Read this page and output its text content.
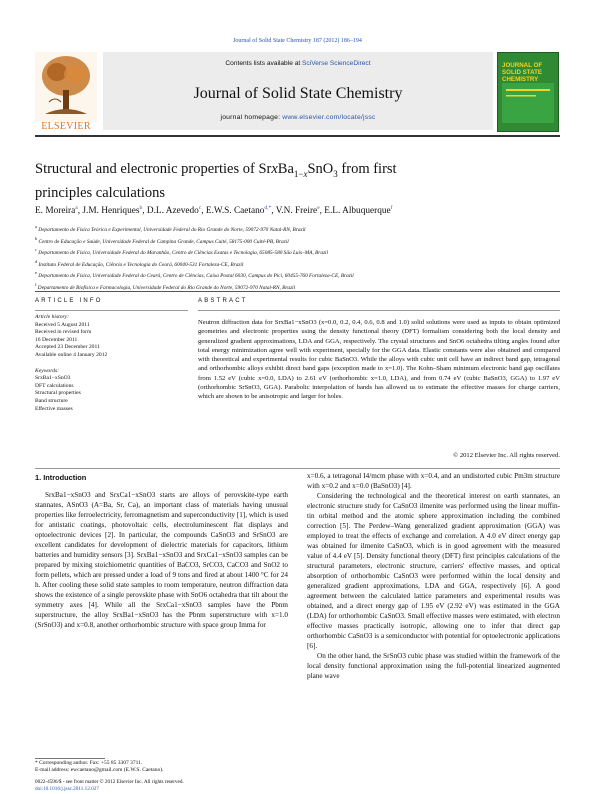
Journal of Solid State Chemistry 187 (2012) 186–194
ELSEVIER
Contents lists available at SciVerse ScienceDirect
Journal of Solid State Chemistry
journal homepage: www.elsevier.com/locate/jssc
JOURNAL OF SOLID STATE CHEMISTRY
Structural and electronic properties of SrxBa$_{1-x}$SnO$_3$ from first
principles calculations
E. Moreira$^a$, J.M. Henriques$^b$, D.L. Azevedo$^c$, E.W.S. Caetano$^{d,*}$, V.N. Freire$^e$, E.L. Albuquerque$^f$
$^a$ Departamento de Física Teórica e Experimental, Universidade Federal do Rio Grande do Norte, 59072-970 Natal-RN, Brazil
$^b$ Centro de Educação e Saúde, Universidade Federal de Campina Grande, Campus Cuité, 58175-000 Cuité-PB, Brazil
$^c$ Departamento de Física, Universidade Federal do Maranhão, Centro de Ciências Exatas e Tecnologia, 65085-580 São Luís–MA, Brazil
$^d$ Instituto Federal de Educação, Ciência e Tecnologia do Ceará, 60040-531 Fortaleza-CE, Brazil
$^e$ Departamento de Física, Universidade Federal do Ceará, Centro de Ciências, Caixa Postal 6030, Campus do Pici, 60455-760 Fortaleza-CE, Brazil
$^f$ Departamento de Biofísica e Farmacologia, Universidade Federal do Rio Grande do Norte, 59072-970 Natal-RN, Brazil
ARTICLE INFO	ABSTRACT
Article history:
Received 5 August 2011
Received in revised form
16 December 2011
Accepted 23 December 2011
Available online 4 January 2012
Keywords:
SrxBa1−xSnO3
DFT calculations
Structural properties
Band structure
Effective masses
Neutron diffraction data for SrxBa1−xSnO3 (x=0.0, 0.2, 0.4, 0.6, 0.8 and 1.0) solid solutions were used as inputs to obtain optimized geometries and electronic properties using the density functional theory (DFT) formalism considering both the local density and generalized gradient approximations, LDA and GGA, respectively. The crystal structures and SnO6 octahedra tilting angles found after total energy minimization agree well with experiment, specially for the GGA data. Elastic constants were also obtained and compared with theoretical and experimental results for cubic BaSnO3. While the alloys with cubic unit cell have an indirect band gap, tetragonal and orthorhombic alloys exhibit direct band gaps (exception made to x=1.0). The Kohn–Sham minimum electronic band gap oscillates from 1.52 eV (cubic x=0.0, LDA) to 2.61 eV (orthorhombic x=1.0, LDA), and from 0.74 eV (cubic BaSnO3, GGA) to 1.97 eV (orthorhombic SrSnO3, GGA). Parabolic interpolation of bands has allowed us to estimate the effective masses for charge carriers, which are shown to be anisotropic and larger for holes.
© 2012 Elsevier Inc. All rights reserved.
1. Introduction

SrxBa1−xSnO3 and SrxCa1−xSnO3 starts are alloys of perovskite-type earth stannates, ASnO3 (A=Ba, Sr, Ca), an important class of materials having unusual properties like ferroelectricity, ferromagnetism and superconductivity [1], which is used for antistatic coatings, photovoltaic cells, electroluminescent flat displays and optoelectronic devices [2]. In particular, the compounds CaSnO3 and SrSnO3 are excellent candidates for development of dielectric materials for capacitors, lithium batteries and humidity sensors [3]. SrxBa1−xSnO3 and SrxCa1−xSnO3 samples can be prepared by mixing stoichiometric quantities of BaCO3, SrCO3, CaCO3 and SnO2 to form pellets, which are pressed under a load of 9 tons and fired at about 1400 °C for 24 h. After cooling these solid state samples to room temperature, neutron diffraction data shows the existence of a single perovskite phase with SnO6 octahedra that tilt about the symmetry axes [4]. While all the SrxCa1−xSnO3 samples have the Pbnm superstructure, the alloy SrxBa1−xSnO3 has the Pbnm superstructure with x=1.0 (SrSnO3) and x=0.8, another orthorhombic structure with space group Imma for

x=0.6, a tetragonal I4/mcm phase with x=0.4, and an undistorted cubic Pm3m structure with x=0.2 and x=0.0 (BaSnO3) [4].

Considering the technological and the theoretical interest on earth stannates, an electronic structure study for CaSnO3 ilmenite was performed using the linear muffin-tin orbital method and the atomic sphere approximation including the combined correction [5]. The Perdew–Wang generalized gradient approximation (GGA) was employed to treat the effects of exchange and correlation. A 4.0 eV direct energy gap was obtained for ilmenite CaSnO3, which is in good agreement with the measured value of 4.4 eV [5]. Density functional theory (DFT) first principles calculations of the structural parameters, electronic structure, carriers' effective masses, and optical absorption of orthorhombic CaSnO3 were performed within the local density and generalized gradient approximations, LDA and GGA, respectively [6]. A good agreement between the calculated lattice parameters and experimental results was obtained, and a direct energy gap of 1.95 eV (2.92 eV) was estimated in the GGA (LDA) for orthorhombic CaSnO3. Small effective masses were estimated, with electron effective masses practically isotropic, allowing one to infer that direct gap orthorhombic CaSnO3 is a semiconductor with potential for optoelectronic applications [6].

On the other hand, the SrSnO3 cubic phase was studied within the framework of the local density functional approximation using the full-potential linearized augmented plane wave

* Corresponding author. Fax: +55 85 3307 3711.
E-mail address: ewcaetano@gmail.com (E.W.S. Caetano).
0022-4596/$ - see front matter © 2012 Elsevier Inc. All rights reserved.
doi:10.1016/j.jssc.2011.12.027
